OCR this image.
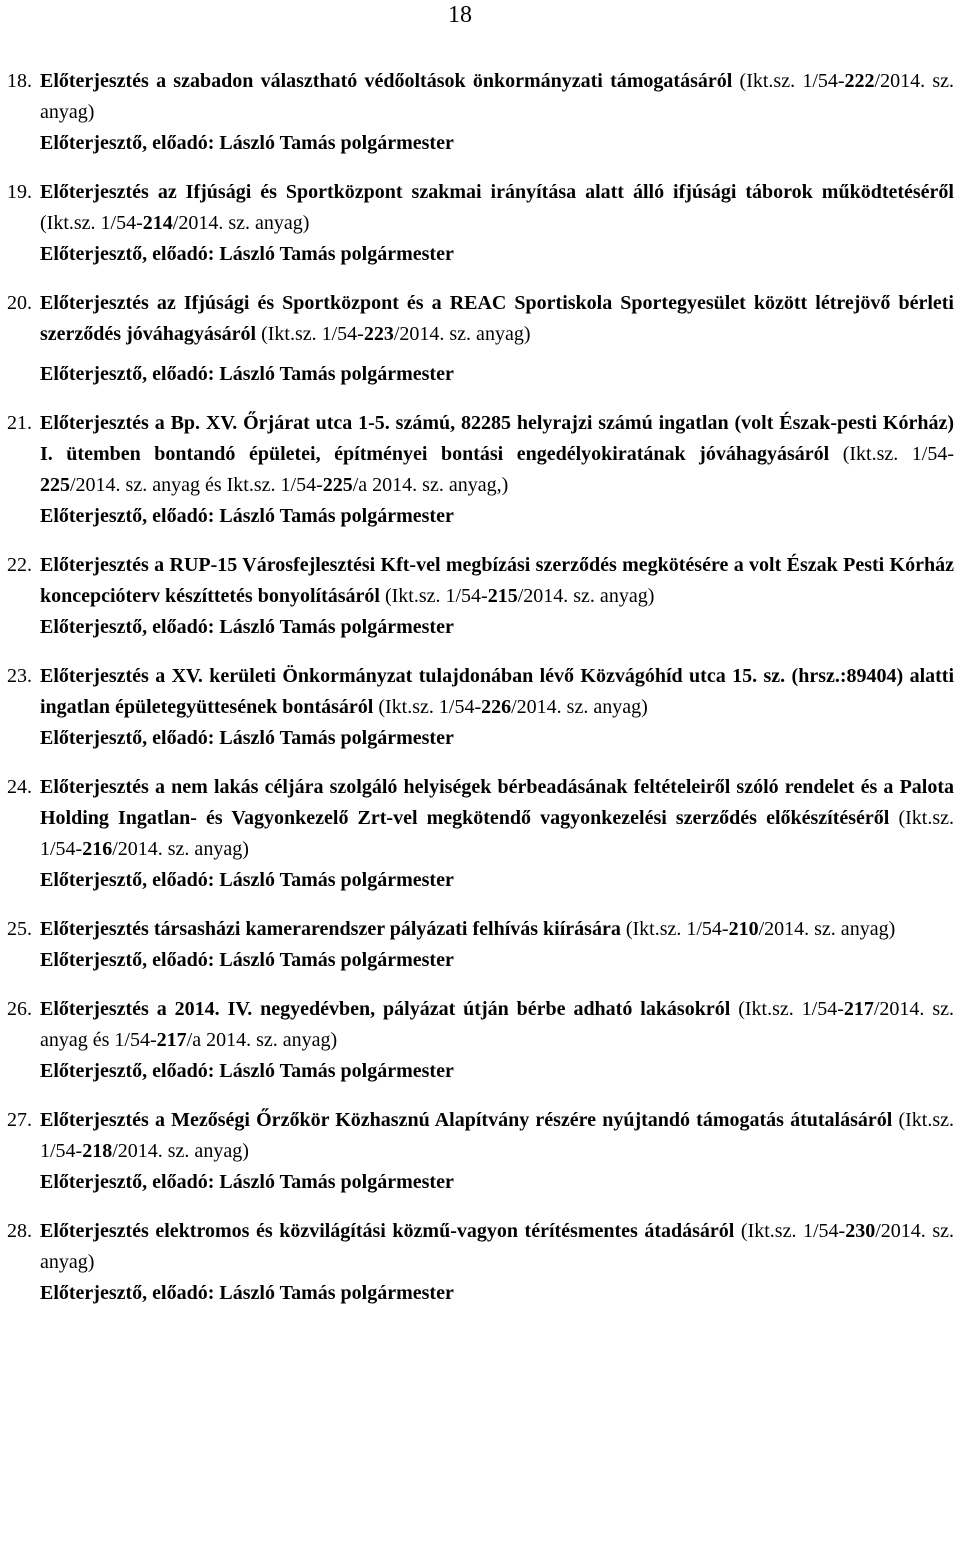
18
18. Előterjesztés a szabadon választható védőoltások önkormányzati támogatásáról (Ikt.sz. 1/54-222/2014. sz. anyag)
Előterjesztő, előadó: László Tamás polgármester
19. Előterjesztés az Ifjúsági és Sportközpont szakmai irányítása alatt álló ifjúsági táborok működtetéséről (Ikt.sz. 1/54-214/2014. sz. anyag)
Előterjesztő, előadó: László Tamás polgármester
20. Előterjesztés az Ifjúsági és Sportközpont és a REAC Sportiskola Sportegyesület között létrejövő bérleti szerződés jóváhagyásáról (Ikt.sz. 1/54-223/2014. sz. anyag)
Előterjesztő, előadó: László Tamás polgármester
21. Előterjesztés a Bp. XV. Őrjárat utca 1-5. számú, 82285 helyrajzi számú ingatlan (volt Észak-pesti Kórház) I. ütemben bontandó épületei, építményei bontási engedélyokiratának jóváhagyásáról (Ikt.sz. 1/54-225/2014. sz. anyag és Ikt.sz. 1/54-225/a 2014. sz. anyag,)
Előterjesztő, előadó: László Tamás polgármester
22. Előterjesztés a RUP-15 Városfejlesztési Kft-vel megbízási szerződés megkötésére a volt Észak Pesti Kórház koncepcióterv készíttetés bonyolításáról (Ikt.sz. 1/54-215/2014. sz. anyag)
Előterjesztő, előadó: László Tamás polgármester
23. Előterjesztés a XV. kerületi Önkormányzat tulajdonában lévő Közvágóhíd utca 15. sz. (hrsz.:89404) alatti ingatlan épületegyüttesének bontásáról (Ikt.sz. 1/54-226/2014. sz. anyag)
Előterjesztő, előadó: László Tamás polgármester
24. Előterjesztés a nem lakás céljára szolgáló helyiségek bérbeadásának feltételeiről szóló rendelet és a Palota Holding Ingatlan- és Vagyonkezelő Zrt-vel megkötendő vagyonkezelési szerződés előkészítéséről (Ikt.sz. 1/54-216/2014. sz. anyag)
Előterjesztő, előadó: László Tamás polgármester
25. Előterjesztés társasházi kamerarendszer pályázati felhívás kiírására (Ikt.sz. 1/54-210/2014. sz. anyag)
Előterjesztő, előadó: László Tamás polgármester
26. Előterjesztés a 2014. IV. negyedévben, pályázat útján bérbe adható lakásokról (Ikt.sz. 1/54-217/2014. sz. anyag és 1/54-217/a 2014. sz. anyag)
Előterjesztő, előadó: László Tamás polgármester
27. Előterjesztés a Mezőségi Őrzőkör Közhasznú Alapítvány részére nyújtandó támogatás átutalásáról (Ikt.sz. 1/54-218/2014. sz. anyag)
Előterjesztő, előadó: László Tamás polgármester
28. Előterjesztés elektromos és közvilágítási közmű-vagyon térítésmentes átadásáról (Ikt.sz. 1/54-230/2014. sz. anyag)
Előterjesztő, előadó: László Tamás polgármester
